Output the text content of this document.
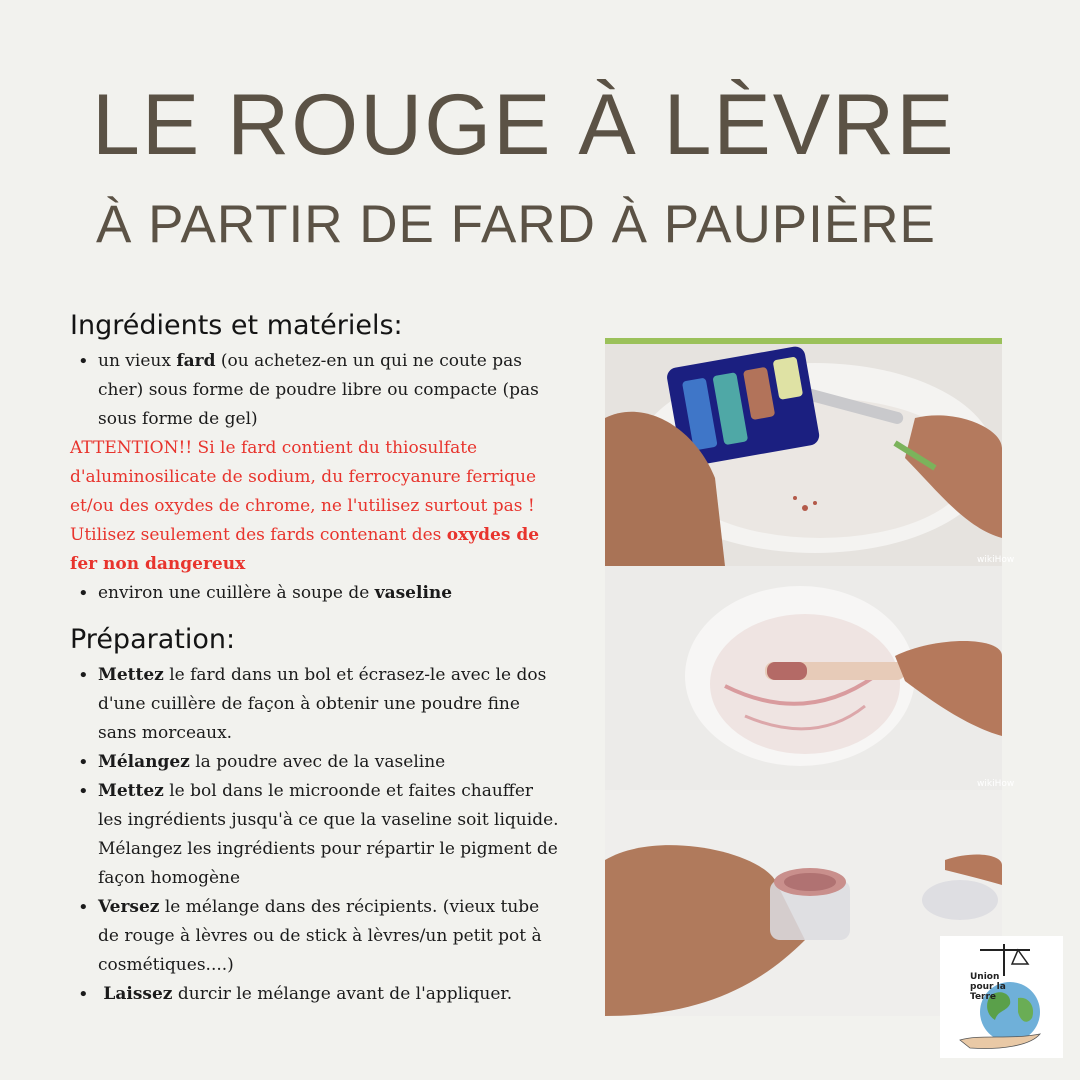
LE ROUGE À LÈVRE
À PARTIR DE FARD À PAUPIÈRE
Ingrédients et matériels:
• un vieux fard (ou achetez-en un qui ne coute pas cher) sous forme de poudre libre ou compacte (pas sous forme de gel)
ATTENTION!! Si le fard contient du thiosulfate d'aluminosilicate de sodium, du ferrocyanure ferrique et/ou des oxydes de chrome, ne l'utilisez surtout pas ! Utilisez seulement des fards contenant des oxydes de fer non dangereux
• environ une cuillère à soupe de vaseline
Préparation:
• Mettez le fard dans un bol et écrasez-le avec le dos d'une cuillère de façon à obtenir une poudre fine sans morceaux.
• Mélangez la poudre avec de la vaseline
• Mettez le bol dans le microonde et faites chauffer les ingrédients jusqu'à ce que la vaseline soit liquide. Mélangez les ingrédients pour répartir le pigment de façon homogène
• Versez le mélange dans des récipients. (vieux tube de rouge à lèvres ou de stick à lèvres/un petit pot à cosmétiques....)
• Laissez durcir le mélange avant de l'appliquer.
wikiHow
wikiHow
Union
pour la
Terre
